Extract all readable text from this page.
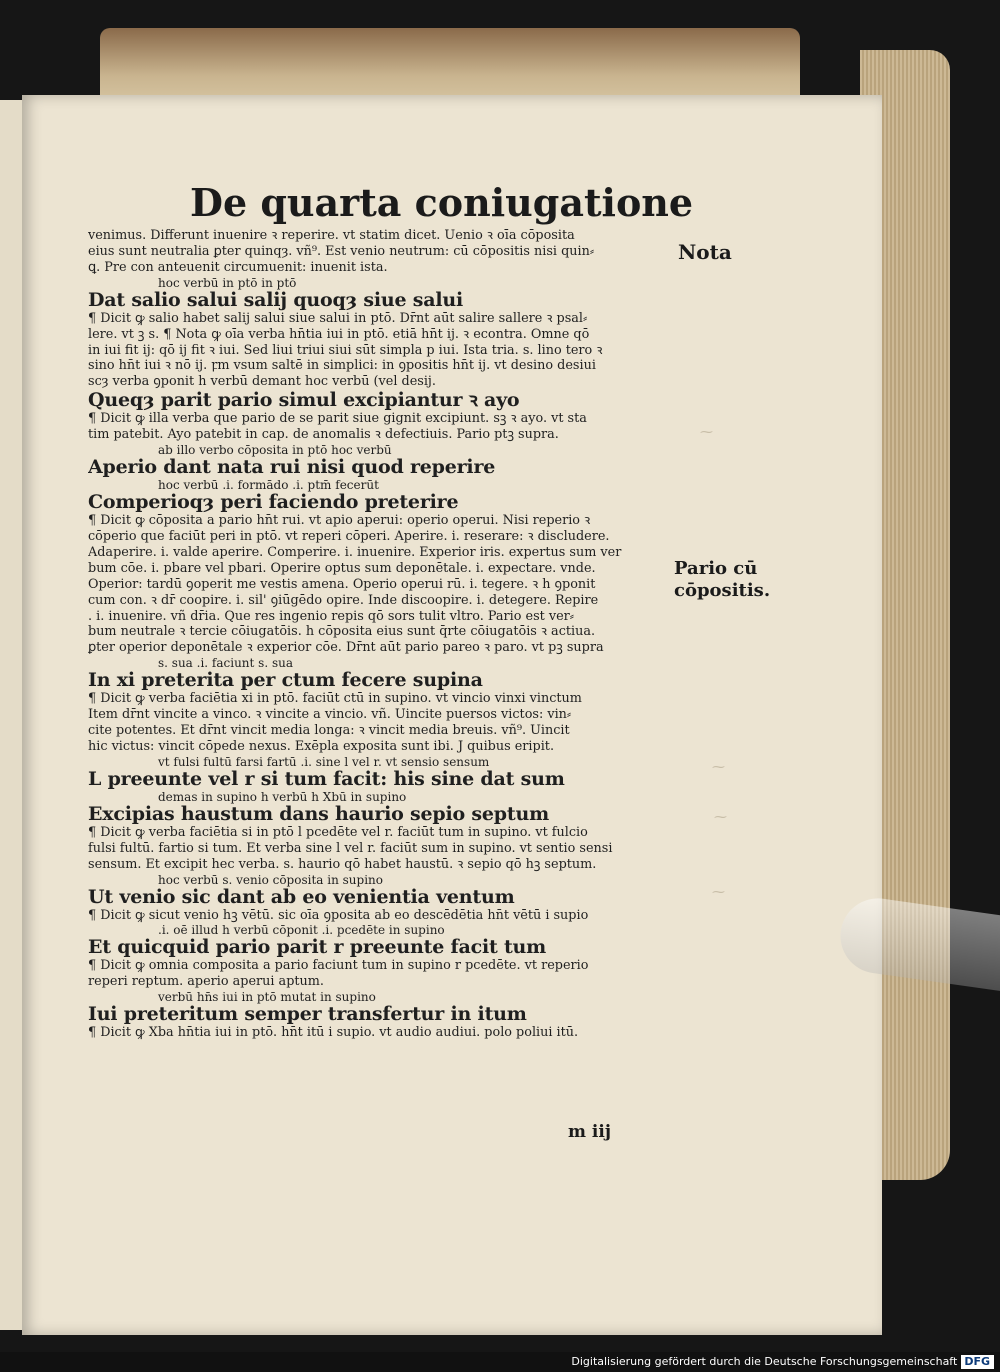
De quarta coniugatione
venimus. Differunt inuenire ꝛ reperire. vt statim dicet. Uenio ꝛ oīa cōposita
eius sunt neutralia ꝑter quinqȝ. vñ⁹. Est venio neutrum: cū cōpositis nisi quin⸗
ꝗ. Pre con anteuenit circumuenit: inuenit ista.
hoc verbū in ptō in ptō
Dat salio salui salij quoqȝ siue salui
¶ Dicit ꝙ salio habet salij salui siue salui in ptō. Dr̄nt aūt salire sallere ꝛ psal⸗
lere. vt ꝫ s. ¶ Nota ꝙ oīa verba hn̄tia iui in ptō. etiā hn̄t ij. ꝛ econtra. Omne qō
in iui fit ij: qō ij fit ꝛ iui. Sed liui triui siui sūt simpla p iui. Ista tria. s. lino tero ꝛ
sino hn̄t iui ꝛ nō ij. ꝼm vsum saltē in simplici: in ꝯpositis hn̄t ij. vt desino desiui
scȝ verba ꝯponit h verbū demant hoc verbū (vel desij.
Queqȝ parit pario simul excipiantur ꝛ ayo
¶ Dicit ꝙ illa verba que pario de se parit siue gignit excipiunt. sꝫ ꝛ ayo. vt sta
tim patebit. Ayo patebit in cap. de anomalis ꝛ defectiuis. Pario ptꝫ supra.
ab illo verbo cōposita in ptō hoc verbū
Aperio dant nata rui nisi quod reperire
hoc verbū .i. formādo .i. ptm̄ fecerūt
Comperioqȝ peri faciendo preterire
¶ Dicit ꝙ cōposita a pario hn̄t rui. vt apio aperui: operio operui. Nisi reperio ꝛ
cōperio que faciūt peri in ptō. vt reperi cōperi. Aperire. i. reserare: ꝛ discludere.
Adaperire. i. valde aperire. Comperire. i. inuenire. Experior iris. expertus sum ver
bum cōe. i. pbare vel pbari. Operire optus sum deponētale. i. expectare. vnde.
Operior: tardū ꝯoperit me vestis amena. Operio operui rū. i. tegere. ꝛ h ꝯponit
cum con. ꝛ dr̄ coopire. i. sil' ꝯiūgēdo opire. Inde discoopire. i. detegere. Repire
. i. inuenire. vñ dr̄ia. Que res ingenio repis qō sors tulit vltro. Pario est ver⸗
bum neutrale ꝛ tercie cōiugatōis. h cōposita eius sunt q̄rte cōiugatōis ꝛ actiua.
ꝑter operior deponētale ꝛ experior cōe. Dr̄nt aūt pario pareo ꝛ paro. vt pꝫ supra
s. sua .i. faciunt s. sua
In xi preterita per ctum fecere supina
¶ Dicit ꝙ verba faciētia xi in ptō. faciūt ctū in supino. vt vincio vinxi vinctum
Item dr̄nt vincite a vinco. ꝛ vincite a vincio. vñ. Uincite puersos victos: vin⸗
cite potentes. Et dr̄nt vincit media longa: ꝛ vincit media breuis. vñ⁹. Uincit
hic victus: vincit cōpede nexus. Exēpla exposita sunt ibi. J quibus eripit.
vt fulsi fultū farsi fartū .i. sine l vel r. vt sensio sensum
L preeunte vel r si tum facit: his sine dat sum
demas in supino h verbū h Xbū in supino
Excipias haustum dans haurio sepio septum
¶ Dicit ꝙ verba faciētia si in ptō l pcedēte vel r. faciūt tum in supino. vt fulcio
fulsi fultū. fartio si tum. Et verba sine l vel r. faciūt sum in supino. vt sentio sensi
sensum. Et excipit hec verba. s. haurio qō habet haustū. ꝛ sepio qō hꝫ septum.
hoc verbū s. venio cōposita in supino
Ut venio sic dant ab eo venientia ventum
¶ Dicit ꝙ sicut venio hꝫ vētū. sic oīa ꝯposita ab eo descēdētia hn̄t vētū i supio
.i. oē illud h verbū cōponit .i. pcedēte in supino
Et quicquid pario parit r preeunte facit tum
¶ Dicit ꝙ omnia composita a pario faciunt tum in supino r pcedēte. vt reperio
reperi reptum. aperio aperui aptum.
verbū hn̄s iui in ptō mutat in supino
Iui preteritum semper transfertur in itum
¶ Dicit ꝙ Xba hn̄tia iui in ptō. hn̄t itū i supio. vt audio audiui. polo poliui itū.
Nota
Pario cū cōpositis.
⁓
⁓
⁓
⁓
m iij
Digitalisierung gefördert durch die Deutsche Forschungsgemeinschaft DFG
